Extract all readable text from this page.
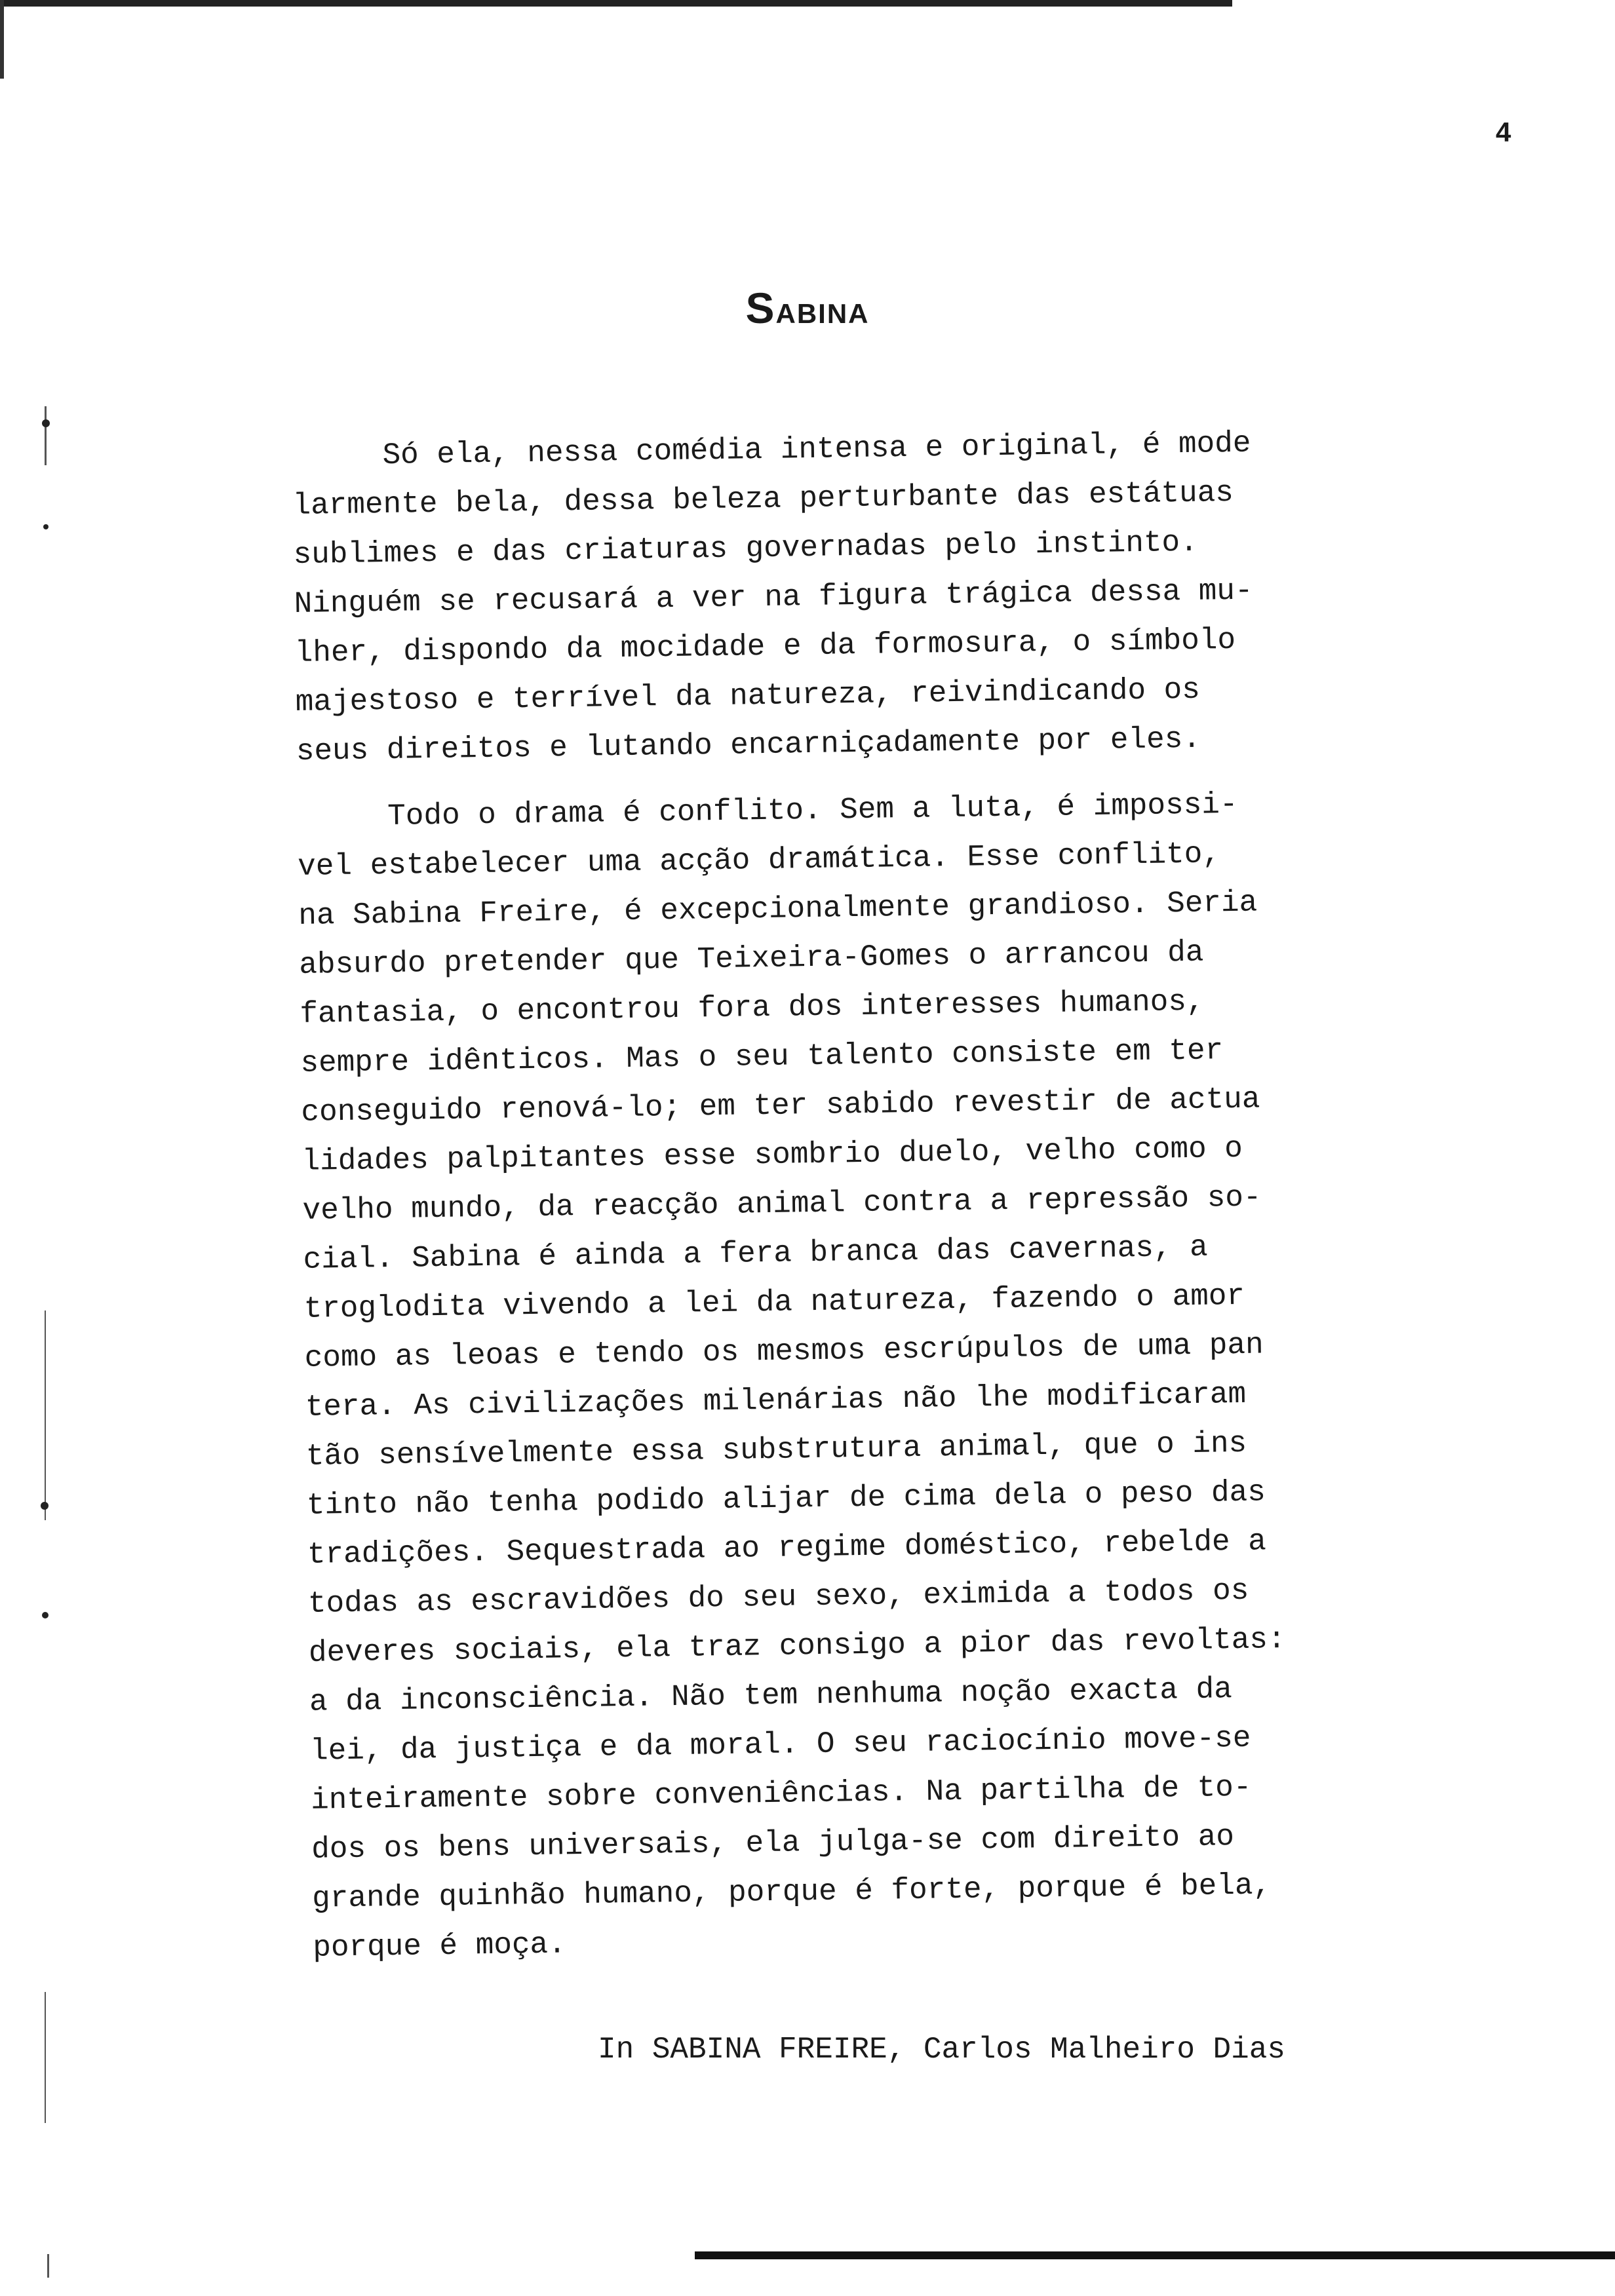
4
SABINA
Só ela, nessa comédia intensa e original, é mode
larmente bela, dessa beleza perturbante das estátuas
sublimes e das criaturas governadas pelo instinto.
Ninguém se recusará a ver na figura trágica dessa mu-
lher, dispondo da mocidade e da formosura, o símbolo
majestoso e terrível da natureza, reivindicando os
seus direitos e lutando encarniçadamente por eles.
Todo o drama é conflito. Sem a luta, é impossi-
vel estabelecer uma acção dramática. Esse conflito,
na Sabina Freire, é excepcionalmente grandioso. Seria
absurdo pretender que Teixeira-Gomes o arrancou da
fantasia, o encontrou fora dos interesses humanos,
sempre idênticos. Mas o seu talento consiste em ter
conseguido renová-lo; em ter sabido revestir de actua
lidades palpitantes esse sombrio duelo, velho como o
velho mundo, da reacção animal contra a repressão so-
cial. Sabina é ainda a fera branca das cavernas, a
troglodita vivendo a lei da natureza, fazendo o amor
como as leoas e tendo os mesmos escrúpulos de uma pan
tera. As civilizações milenárias não lhe modificaram
tão sensívelmente essa substrutura animal, que o ins
tinto não tenha podido alijar de cima dela o peso das
tradições. Sequestrada ao regime doméstico, rebelde a
todas as escravidões do seu sexo, eximida a todos os
deveres sociais, ela traz consigo a pior das revoltas:
a da inconsciência. Não tem nenhuma noção exacta da
lei, da justiça e da moral. O seu raciocínio move-se
inteiramente sobre conveniências. Na partilha de to-
dos os bens universais, ela julga-se com direito ao
grande quinhão humano, porque é forte, porque é bela,
porque é moça.
In SABINA FREIRE, Carlos Malheiro Dias
